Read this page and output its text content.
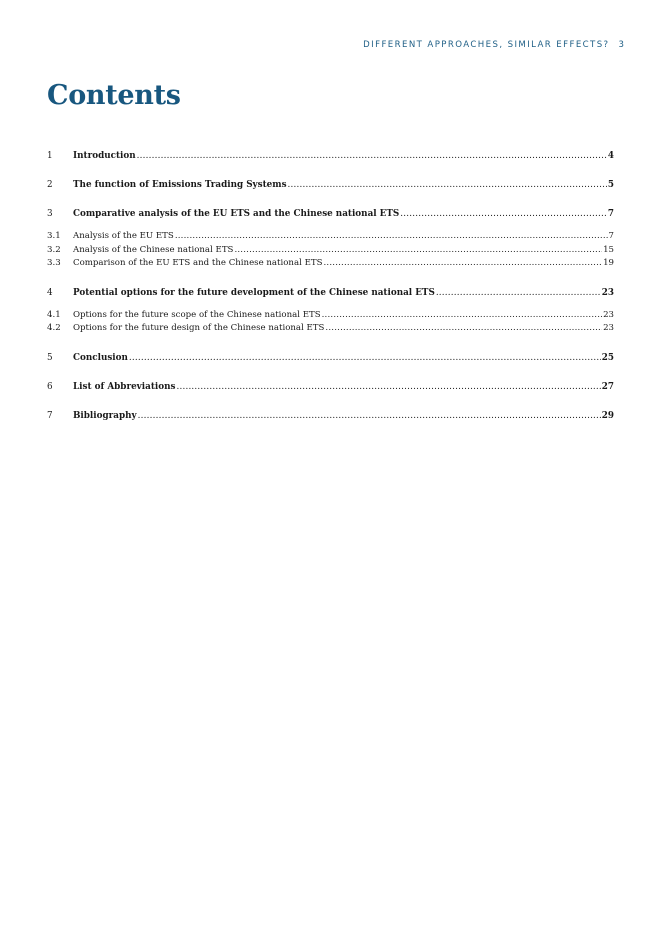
DIFFERENT APPROACHES, SIMILAR EFFECTS? 3
Contents
1	Introduction .....	4
2	The function of Emissions Trading Systems .....	5
3	Comparative analysis of the EU ETS and the Chinese national ETS .....	7
3.1	Analysis of the EU ETS .....	7
3.2	Analysis of the Chinese national ETS .....	15
3.3	Comparison of the EU ETS and the Chinese national ETS .....	19
4	Potential options for the future development of the Chinese national ETS .....	23
4.1	Options for the future scope of the Chinese national ETS .....	23
4.2	Options for the future design of the Chinese national ETS .....	23
5	Conclusion .....	25
6	List of Abbreviations .....	27
7	Bibliography .....	29
